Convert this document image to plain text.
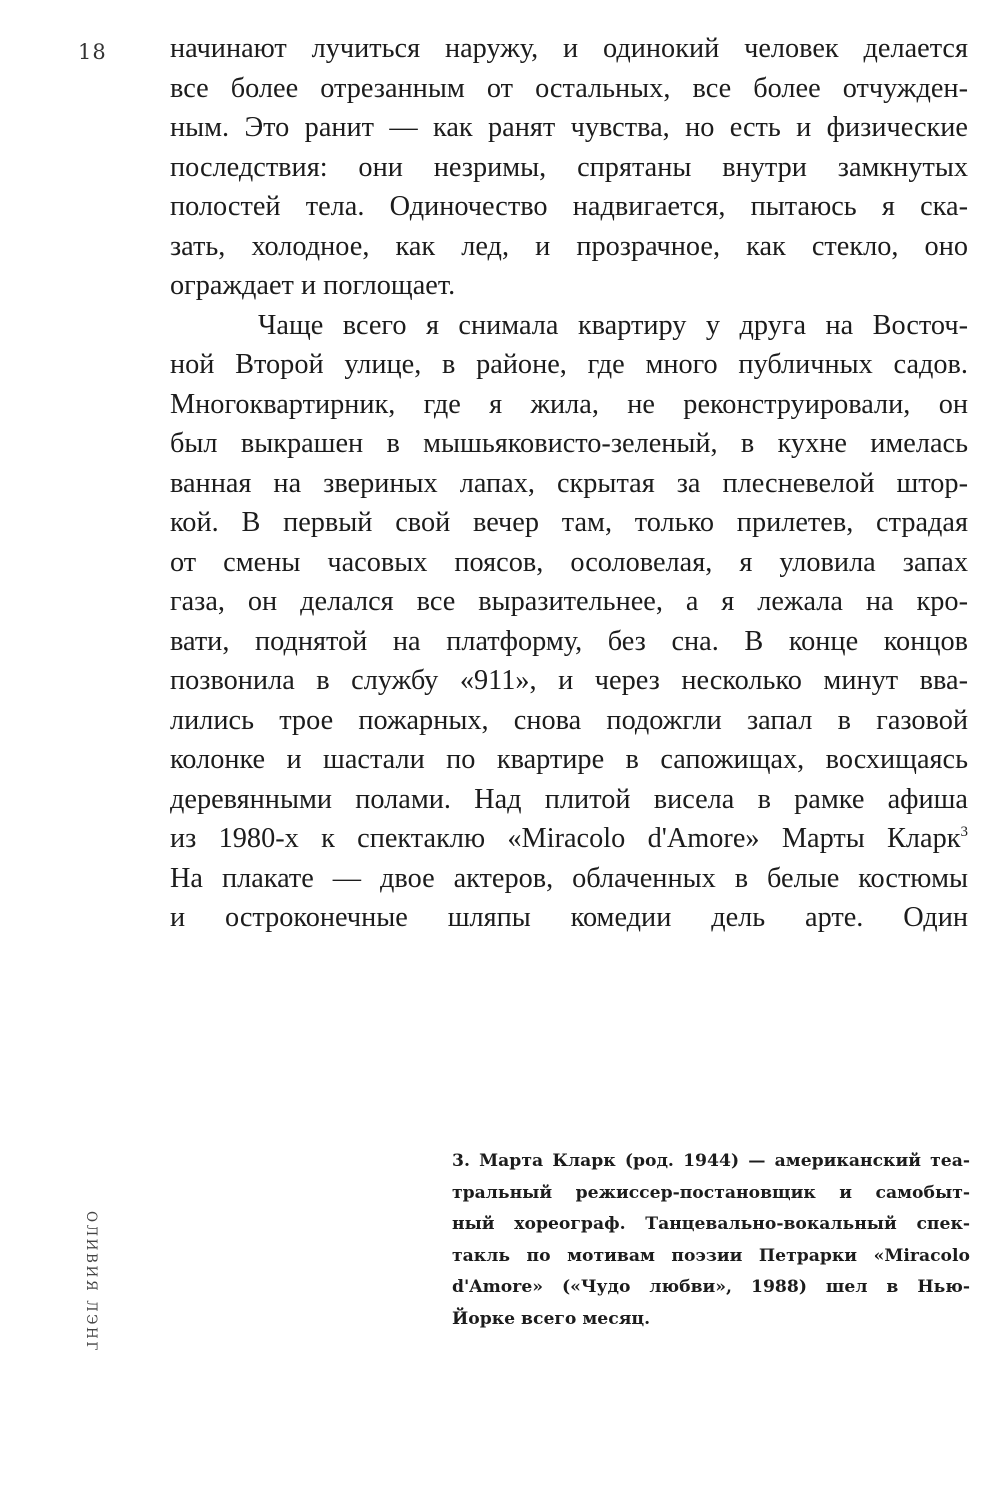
18 начинают лучиться наружу, и одинокий человек делается
все более отрезанным от остальных, все более отчужден-
ным. Это ранит — как ранят чувства, но есть и физические
последствия: они незримы, спрятаны внутри замкнутых
полостей тела. Одиночество надвигается, пытаюсь я ска-
зать, холодное, как лед, и прозрачное, как стекло, оно
ограждает и поглощает.
Чаще всего я снимала квартиру у друга на Восточ-
ной Второй улице, в районе, где много публичных садов.
Многоквартирник, где я жила, не реконструировали, он
был выкрашен в мышьяковисто-зеленый, в кухне имелась
ванная на звериных лапах, скрытая за плесневелой штор-
кой. В первый свой вечер там, только прилетев, страдая
от смены часовых поясов, осоловелая, я уловила запах
газа, он делался все выразительнее, а я лежала на кро-
вати, поднятой на платформу, без сна. В конце концов
позвонила в службу «911», и через несколько минут вва-
лились трое пожарных, снова подожгли запал в газовой
колонке и шастали по квартире в сапожищах, восхищаясь
деревянными полами. Над плитой висела в рамке афиша
из 1980-х к спектаклю «Miracolo d'Amore» Марты Кларк$^3$
На плакате — двое актеров, облаченных в белые костюмы
и остроконечные шляпы комедии дель арте. Один
3. Марта Кларк (род. 1944) — американский теа-
тральный режиссер-постановщик и самобыт-
ный хореограф. Танцевально-вокальный спек-
такль по мотивам поэзии Петрарки «Miracolo
d'Amore» («Чудо любви», 1988) шел в Нью-
Йорке всего месяц.
ОЛИВИЯ ЛЭНГ
